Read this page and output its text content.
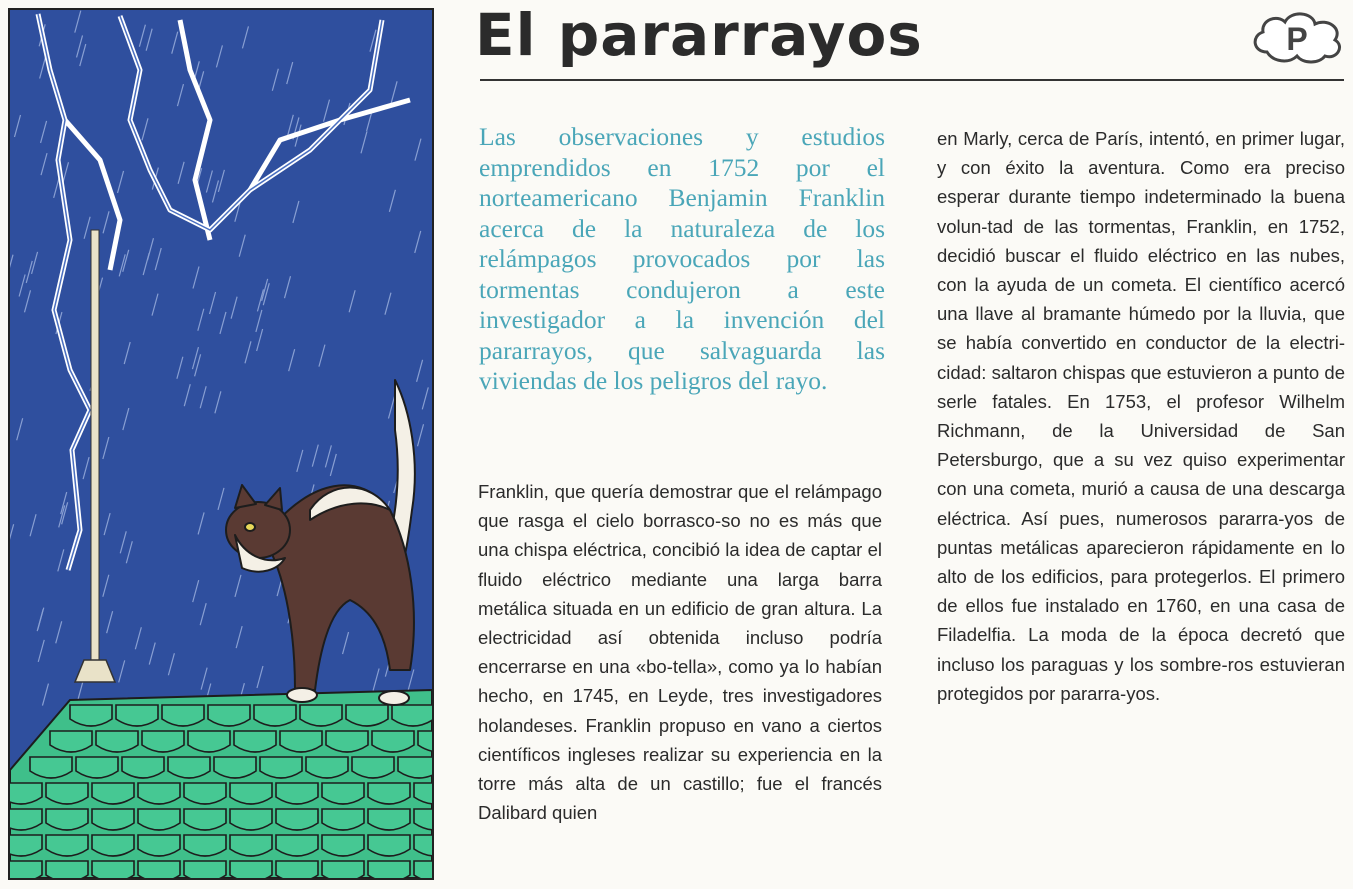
El pararrayos	P

Las observaciones y estudios emprendidos en 1752 por el norteamericano Benjamin Franklin acerca de la naturaleza de los relámpagos provocados por las tormentas condujeron a este investigador a la invención del pararrayos, que salvaguarda las viviendas de los peligros del rayo.

Franklin, que quería demostrar que el relámpago que rasga el cielo borrasco-so no es más que una chispa eléctrica, concibió la idea de captar el fluido eléctrico mediante una larga barra metálica situada en un edificio de gran altura. La electricidad así obtenida incluso podría encerrarse en una «bo-tella», como ya lo habían hecho, en 1745, en Leyde, tres investigadores holandeses. Franklin propuso en vano a ciertos científicos ingleses realizar su experiencia en la torre más alta de un castillo; fue el francés Dalibard quien

en Marly, cerca de París, intentó, en primer lugar, y con éxito la aventura. Como era preciso esperar durante tiempo indeterminado la buena volun-tad de las tormentas, Franklin, en 1752, decidió buscar el fluido eléctrico en las nubes, con la ayuda de un cometa. El científico acercó una llave al bramante húmedo por la lluvia, que se había convertido en conductor de la electri-cidad: saltaron chispas que estuvieron a punto de serle fatales. En 1753, el profesor Wilhelm Richmann, de la Universidad de San Petersburgo, que a su vez quiso experimentar con una cometa, murió a causa de una descarga eléctrica. Así pues, numerosos pararra-yos de puntas metálicas aparecieron rápidamente en lo alto de los edificios, para protegerlos. El primero de ellos fue instalado en 1760, en una casa de Filadelfia. La moda de la época decretó que incluso los paraguas y los sombre-ros estuvieran protegidos por pararra-yos.
